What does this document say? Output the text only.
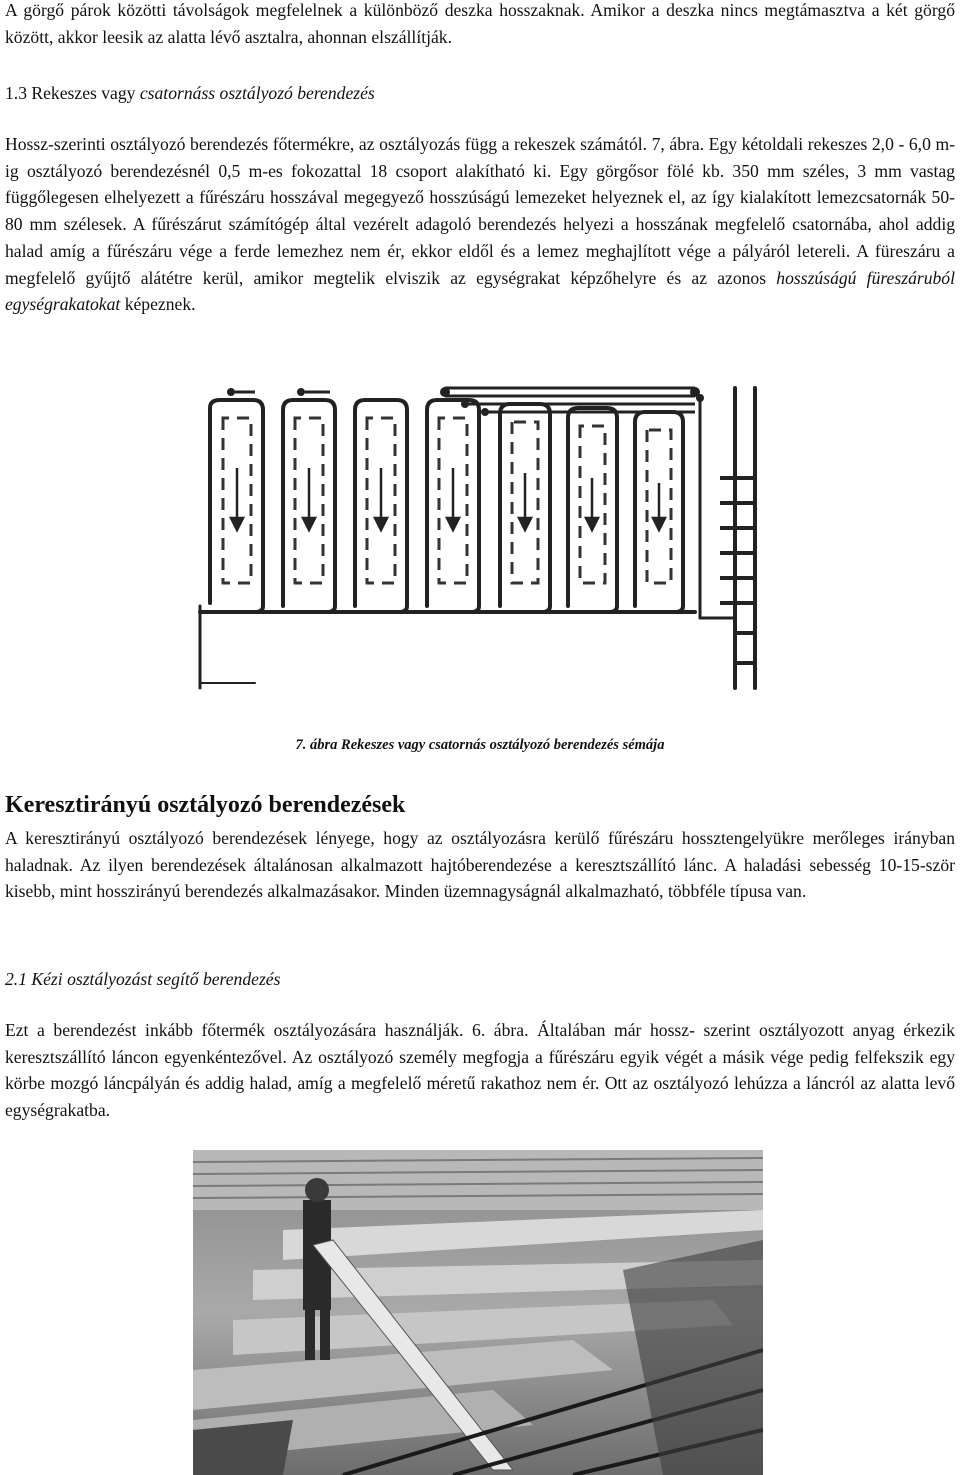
A görgő párok közötti távolságok megfelelnek a különböző deszka hosszaknak. Amikor a deszka nincs megtámasztva a két görgő között, akkor leesik az alatta lévő asztalra, ahonnan elszállítják.

1.3 Rekeszes vagy csatornáss osztályozó berendezés

Hossz-szerinti osztályozó berendezés főtermékre, az osztályozás függ a rekeszek számától. 7, ábra. Egy kétoldali rekeszes 2,0 - 6,0 m-ig osztályozó berendezésnél 0,5 m-es fokozattal 18 csoport alakítható ki. Egy görgősor fölé kb. 350 mm széles, 3 mm vastag függőlegesen elhelyezett a fűrészáru hosszával megegyező hosszúságú lemezeket helyeznek el, az így kialakított lemezcsatornák 50-80 mm szélesek. A fűrészárut számítógép által vezérelt adagoló berendezés helyezi a hosszának megfelelő csatornába, ahol addig halad amíg a fűrészáru vége a ferde lemezhez nem ér, ekkor eldől és a lemez meghajlított vége a pályáról letereli. A füreszáru a megfelelő gyűjtő alátétre kerül, amikor megtelik elviszik az egységrakat képzőhelyre és az azonos hosszúságú füreszáruból egységrakatokat képeznek.

7. ábra Rekeszes vagy csatornás osztályozó berendezés sémája

Keresztirányú osztályozó berendezések

A keresztirányú osztályozó berendezések lényege, hogy az osztályozásra kerülő fűrészáru hossztengelyükre merőleges irányban haladnak. Az ilyen berendezések általánosan alkalmazott hajtóberendezése a keresztszállító lánc. A haladási sebesség 10-15-ször kisebb, mint hosszirányú berendezés alkalmazásakor. Minden üzemnagyságnál alkalmazható, többféle típusa van.

2.1 Kézi osztályozást segítő berendezés

Ezt a berendezést inkább főtermék osztályozására használják. 6. ábra. Általában már hossz- szerint osztályozott anyag érkezik keresztszállító láncon egyenkéntezővel. Az osztályozó személy megfogja a fűrészáru egyik végét a másik vége pedig felfekszik egy körbe mozgó láncpályán és addig halad, amíg a megfelelő méretű rakathoz nem ér. Ott az osztályozó lehúzza a láncról az alatta levő egységrakatba.
